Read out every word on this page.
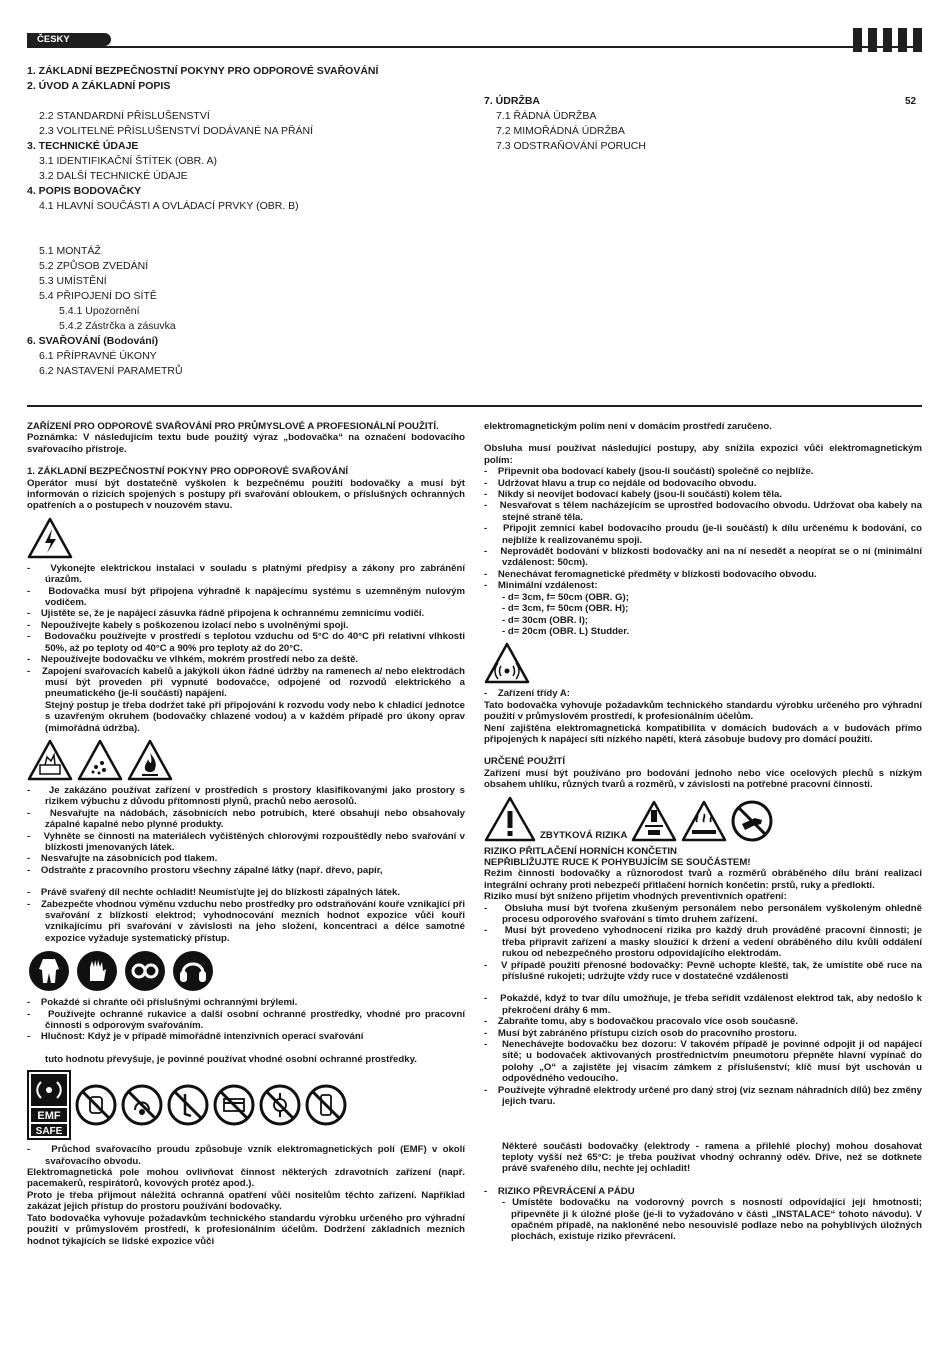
ČESKY
1. ZÁKLADNÍ BEZPEČNOSTNÍ POKYNY PRO ODPOROVÉ SVAŘOVÁNÍ
2. ÚVOD A ZÁKLADNÍ POPIS
2.2 STANDARDNÍ PŘÍSLUŠENSTVÍ
2.3 VOLITELNÉ PŘÍSLUŠENSTVÍ DODÁVANÉ NA PŘÁNÍ
3. TECHNICKÉ ÚDAJE
3.1 IDENTIFIKAČNÍ ŠTÍTEK (OBR. A)
3.2 DALŠÍ TECHNICKÉ ÚDAJE
4. POPIS BODOVAČKY
4.1 HLAVNÍ SOUČÁSTI A OVLÁDACÍ PRVKY (OBR. B)
5.1 MONTÁŽ
5.2 ZPŮSOB ZVEDÁNÍ
5.3 UMÍSTĚNÍ
5.4 PŘIPOJENÍ DO SÍTĚ
5.4.1 Upozornění
5.4.2 Zástrčka a zásuvka
6. SVAŘOVÁNÍ (Bodování)
6.1 PŘÍPRAVNÉ ÚKONY
6.2 NASTAVENÍ PARAMETRŮ
7. ÚDRŽBA
7.1 ŘÁDNÁ ÚDRŽBA
7.2 MIMOŘÁDNÁ ÚDRŽBA
7.3 ODSTRAŇOVÁNÍ PORUCH
52

ZAŘÍZENÍ PRO ODPOROVÉ SVAŘOVÁNÍ PRO PRŮMYSLOVÉ A PROFESIONÁLNÍ POUŽITÍ.

Poznámka: V následujícím textu bude použitý výraz „bodovačka“ na označení bodovacího svařovacího přístroje.

1. ZÁKLADNÍ BEZPEČNOSTNÍ POKYNY PRO ODPOROVÉ SVAŘOVÁNÍ

Operátor musí být dostatečně vyškolen k bezpečnému použití bodovačky a musí být informován o rizicích spojených s postupy při svařování obloukem, o příslušných ochranných opatřeních a o postupech v nouzovém stavu.

-    Vykonejte elektrickou instalaci v souladu s platnými předpisy a zákony pro zabránění úrazům.

-    Bodovačka musí být připojena výhradně k napájecímu systému s uzemněným nulovým vodičem.

-    Ujistěte se, že je napájecí zásuvka řádně připojena k ochrannému zemnicímu vodiči.

-    Nepoužívejte kabely s poškozenou izolací nebo s uvolněnými spoji.

-    Bodovačku používejte v prostředí s teplotou vzduchu od 5°C do 40°C při relativní vlhkosti 50%, až po teploty od 40°C a 90% pro teploty až do 20°C.

-    Nepoužívejte bodovačku ve vlhkém, mokrém prostředí nebo za deště.

-    Zapojení svařovacích kabelů a jakýkoli úkon řádné údržby na ramenech a/ nebo elektrodách musí být proveden při vypnuté bodovačce, odpojené od rozvodů elektrického a pneumatického (je-li součástí) napájení.

Stejný postup je třeba dodržet také při připojování k rozvodu vody nebo k chladicí jednotce s uzavřeným okruhem (bodovačky chlazené vodou) a v každém případě pro úkony oprav (mimořádná údržba).

-    Je zakázáno používat zařízení v prostředích s prostory klasifikovanými jako prostory s rizikem výbuchu z důvodu přítomnosti plynů, prachů nebo aerosolů.

-    Nesvařujte na nádobách, zásobnících nebo potrubích, které obsahují nebo obsahovaly zápalné kapalné nebo plynné produkty.

-    Vyhněte se činnosti na materiálech vyčištěných chlorovými rozpouštědly nebo svařování v blízkosti jmenovaných látek.

-    Nesvařujte na zásobnících pod tlakem.

-    Odstraňte z pracovního prostoru všechny zápalné látky (např. dřevo, papír,

-    Právě svařený díl nechte ochladit! Neumísťujte jej do blízkosti zápalných látek.

-    Zabezpečte vhodnou výměnu vzduchu nebo prostředky pro odstraňování kouře vznikající při svařování z blízkosti elektrod; vyhodnocování mezních hodnot expozice vůči kouři vznikajícímu při svařování v závislosti na jeho složení, koncentraci a délce samotné expozice vyžaduje systematický přístup.

-    Pokaždé si chraňte oči příslušnými ochrannými brýlemi.

-    Používejte ochranné rukavice a další osobní ochranné prostředky, vhodné pro pracovní činnosti s odporovým svařováním.

-    Hlučnost: Když je v případě mimořádně intenzivních operací svařování

tuto hodnotu převyšuje, je povinné používat vhodné osobní ochranné prostředky.

EMF
SAFE

-    Průchod svařovacího proudu způsobuje vznik elektromagnetických polí (EMF) v okolí svařovacího obvodu.

Elektromagnetická pole mohou ovlivňovat činnost některých zdravotních zařízení (např. pacemakerů, respirátorů, kovových protéz apod.).

Proto je třeba přijmout náležitá ochranná opatření vůči nositelům těchto zařízení. Například zakázat jejich přístup do prostoru používání bodovačky.

Tato bodovačka vyhovuje požadavkům technického standardu výrobku určeného pro výhradní použití v průmyslovém prostředí, k profesionálním účelům. Dodržení základních mezních hodnot týkajících se lidské expozice vůči

elektromagnetickým polím není v domácím prostředí zaručeno.

Obsluha musí používat následující postupy, aby snížila expozici vůči elektromagnetickým polím:

-    Připevnit oba bodovací kabely (jsou-li součástí) společně co nejblíže.

-    Udržovat hlavu a trup co nejdále od bodovacího obvodu.

-    Nikdy si neovíjet bodovací kabely (jsou-li součástí) kolem těla.

-    Nesvařovat s tělem nacházejícím se uprostřed bodovacího obvodu. Udržovat oba kabely na stejné straně těla.

-    Připojit zemnicí kabel bodovacího proudu (je-li součástí) k dílu určenému k bodování, co nejblíže k realizovanému spoji.

-    Neprovádět bodování v blízkosti bodovačky ani na ní nesedět a neopírat se o ní (minimální vzdálenost: 50cm).

-    Nenechávat feromagnetické předměty v blízkosti bodovacího obvodu.

-    Minimální vzdálenost:

- d= 3cm, f= 50cm (OBR. G);

- d= 3cm, f= 50cm (OBR. H);

- d= 30cm (OBR. I);

- d= 20cm (OBR. L) Studder.

-    Zařízení třídy A:

Tato bodovačka vyhovuje požadavkům technického standardu výrobku určeného pro výhradní použití v průmyslovém prostředí, k profesionálním účelům.

Není zajištěna elektromagnetická kompatibilita v domácích budovách a v budovách přímo připojených k napájecí síti nízkého napětí, která zásobuje budovy pro domácí použití.

URČENÉ POUŽITÍ

Zařízení musí být používáno pro bodování jednoho nebo více ocelových plechů s nízkým obsahem uhlíku, různých tvarů a rozměrů, v závislosti na potřebné pracovní činnosti.

ZBYTKOVÁ RIZIKA

RIZIKO PŘITLAČENÍ HORNÍCH KONČETIN

NEPŘIBLIŽUJTE RUCE K POHYBUJÍCÍM SE SOUČÁSTEM!

Režim činnosti bodovačky a různorodost tvarů a rozměrů obráběného dílu brání realizaci integrální ochrany proti nebezpečí přitlačení horních končetin: prstů, ruky a předloktí.

Riziko musí být sníženo přijetím vhodných preventivních opatření:

-    Obsluha musí být tvořena zkušeným personálem nebo personálem vyškoleným ohledně procesu odporového svařování s tímto druhem zařízení.

-    Musí být provedeno vyhodnocení rizika pro každý druh prováděné pracovní činnosti; je třeba připravit zařízení a masky sloužící k držení a vedení obráběného dílu kvůli oddálení rukou od nebezpečného prostoru odpovídajícího elektrodám.

-    V případě použití přenosné bodovačky: Pevně uchopte kleště, tak, že umístíte obě ruce na příslušné rukojeti; udržujte vždy ruce v dostatečné vzdálenosti

-    Pokaždé, když to tvar dílu umožňuje, je třeba seřídit vzdálenost elektrod tak, aby nedošlo k překročení dráhy 6 mm.

-    Zabraňte tomu, aby s bodovačkou pracovalo více osob současně.

-    Musí být zabráněno přístupu cizích osob do pracovního prostoru.

-    Nenechávejte bodovačku bez dozoru: V takovém případě je povinné odpojit ji od napájecí sítě; u bodovaček aktivovaných prostřednictvím pneumotoru přepněte hlavní vypínač do polohy „O“ a zajistěte jej visacím zámkem z příslušenství; klíč musí být uschován u odpovědného vedoucího.

-    Používejte výhradně elektrody určené pro daný stroj (viz seznam náhradních dílů) bez změny jejich tvaru.

Některé součásti bodovačky (elektrody - ramena a přilehlé plochy) mohou dosahovat teploty vyšší než 65°C: je třeba používat vhodný ochranný oděv. Dříve, než se dotknete právě svařeného dílu, nechte jej ochladit!

-    RIZIKO PŘEVRÁCENÍ A PÁDU

- Umístěte bodovačku na vodorovný povrch s nosností odpovídající její hmotnosti; připevněte ji k úložné ploše (je-li to vyžadováno v části „INSTALACE“ tohoto návodu). V opačném případě, na nakloněné nebo nesouvislé podlaze nebo na pohyblivých úložných plochách, existuje riziko převrácení.
